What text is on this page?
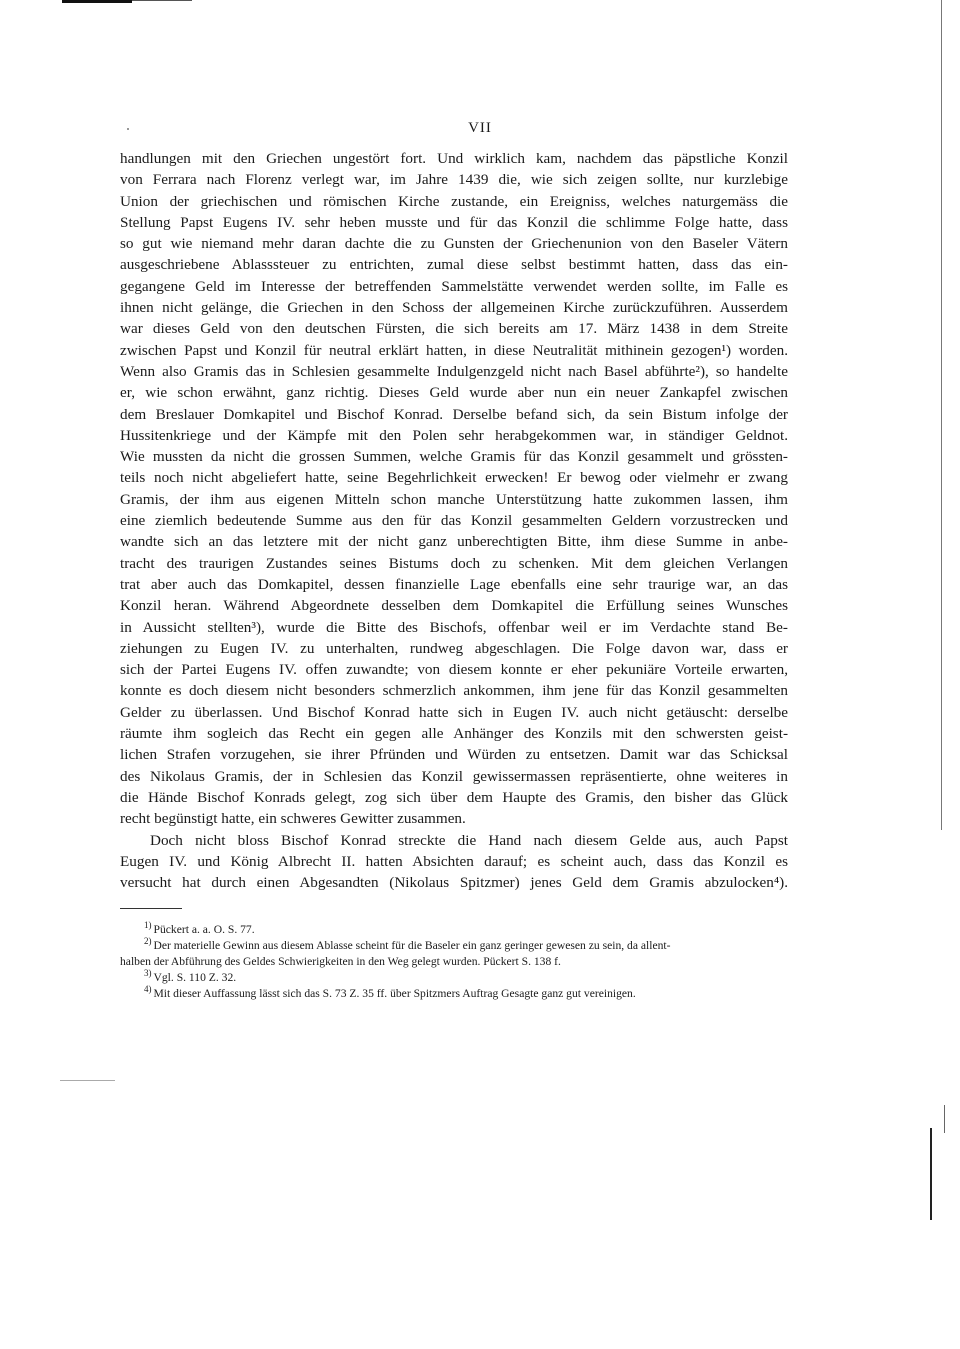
VII
handlungen mit den Griechen ungestört fort. Und wirklich kam, nachdem das päpstliche Konzil
von Ferrara nach Florenz verlegt war, im Jahre 1439 die, wie sich zeigen sollte, nur kurzlebige
Union der griechischen und römischen Kirche zustande, ein Ereigniss, welches naturgemäss die
Stellung Papst Eugens IV. sehr heben musste und für das Konzil die schlimme Folge hatte, dass
so gut wie niemand mehr daran dachte die zu Gunsten der Griechenunion von den Baseler Vätern
ausgeschriebene Ablasssteuer zu entrichten, zumal diese selbst bestimmt hatten, dass das ein-
gegangene Geld im Interesse der betreffenden Sammelstätte verwendet werden sollte, im Falle es
ihnen nicht gelänge, die Griechen in den Schoss der allgemeinen Kirche zurückzuführen. Ausserdem
war dieses Geld von den deutschen Fürsten, die sich bereits am 17. März 1438 in dem Streite
zwischen Papst und Konzil für neutral erklärt hatten, in diese Neutralität mithinein gezogen¹) worden.
Wenn also Gramis das in Schlesien gesammelte Indulgenzgeld nicht nach Basel abführte²), so handelte
er, wie schon erwähnt, ganz richtig. Dieses Geld wurde aber nun ein neuer Zankapfel zwischen
dem Breslauer Domkapitel und Bischof Konrad. Derselbe befand sich, da sein Bistum infolge der
Hussitenkriege und der Kämpfe mit den Polen sehr herabgekommen war, in ständiger Geldnot.
Wie mussten da nicht die grossen Summen, welche Gramis für das Konzil gesammelt und grössten-
teils noch nicht abgeliefert hatte, seine Begehrlichkeit erwecken! Er bewog oder vielmehr er zwang
Gramis, der ihm aus eigenen Mitteln schon manche Unterstützung hatte zukommen lassen, ihm
eine ziemlich bedeutende Summe aus den für das Konzil gesammelten Geldern vorzustrecken und
wandte sich an das letztere mit der nicht ganz unberechtigten Bitte, ihm diese Summe in anbe-
tracht des traurigen Zustandes seines Bistums doch zu schenken. Mit dem gleichen Verlangen
trat aber auch das Domkapitel, dessen finanzielle Lage ebenfalls eine sehr traurige war, an das
Konzil heran. Während Abgeordnete desselben dem Domkapitel die Erfüllung seines Wunsches
in Aussicht stellten³), wurde die Bitte des Bischofs, offenbar weil er im Verdachte stand Be-
ziehungen zu Eugen IV. zu unterhalten, rundweg abgeschlagen. Die Folge davon war, dass er
sich der Partei Eugens IV. offen zuwandte; von diesem konnte er eher pekuniäre Vorteile erwarten,
konnte es doch diesem nicht besonders schmerzlich ankommen, ihm jene für das Konzil gesammelten
Gelder zu überlassen. Und Bischof Konrad hatte sich in Eugen IV. auch nicht getäuscht: derselbe
räumte ihm sogleich das Recht ein gegen alle Anhänger des Konzils mit den schwersten geist-
lichen Strafen vorzugehen, sie ihrer Pfründen und Würden zu entsetzen. Damit war das Schicksal
des Nikolaus Gramis, der in Schlesien das Konzil gewissermassen repräsentierte, ohne weiteres in
die Hände Bischof Konrads gelegt, zog sich über dem Haupte des Gramis, den bisher das Glück
recht begünstigt hatte, ein schweres Gewitter zusammen.
Doch nicht bloss Bischof Konrad streckte die Hand nach diesem Gelde aus, auch Papst
Eugen IV. und König Albrecht II. hatten Absichten darauf; es scheint auch, dass das Konzil es
versucht hat durch einen Abgesandten (Nikolaus Spitzmer) jenes Geld dem Gramis abzulocken⁴).
$^{1)}$ Pückert a. a. O. S. 77.
$^{2)}$ Der materielle Gewinn aus diesem Ablasse scheint für die Baseler ein ganz geringer gewesen zu sein, da allent-
halben der Abführung des Geldes Schwierigkeiten in den Weg gelegt wurden. Pückert S. 138 f.
$^{3)}$ Vgl. S. 110 Z. 32.
$^{4)}$ Mit dieser Auffassung lässt sich das S. 73 Z. 35 ff. über Spitzmers Auftrag Gesagte ganz gut vereinigen.
